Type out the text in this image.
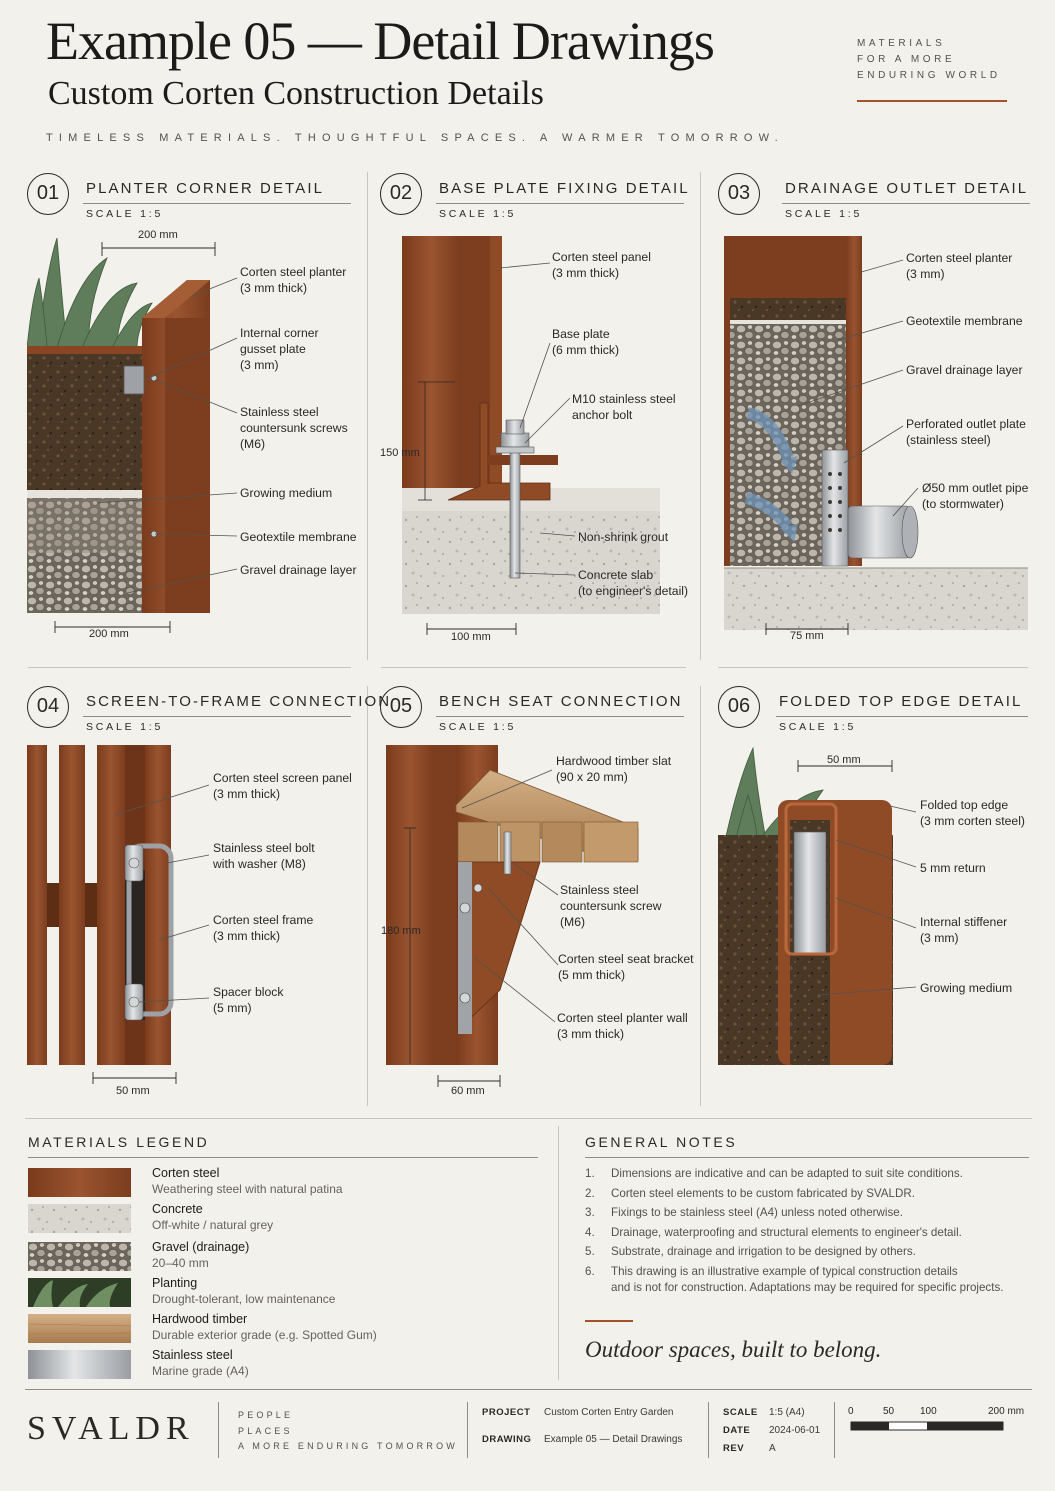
Example 05 — Detail Drawings
Custom Corten Construction Details
TIMELESS MATERIALS. THOUGHTFUL SPACES. A WARMER TOMORROW.
MATERIALS
FOR A MORE
ENDURING WORLD
01	PLANTER CORNER DETAIL
SCALE 1:5
200 mm
200 mm
Corten steel planter
(3 mm thick)
Internal corner
gusset plate
(3 mm)
Stainless steel
countersunk screws
(M6)
Growing medium
Geotextile membrane
Gravel drainage layer
02	BASE PLATE FIXING DETAIL
SCALE 1:5
150 mm
100 mm
Corten steel panel
(3 mm thick)
Base plate
(6 mm thick)
M10 stainless steel
anchor bolt
Non-shrink grout
Concrete slab
(to engineer's detail)
03	DRAINAGE OUTLET DETAIL
SCALE 1:5
75 mm
Corten steel planter
(3 mm)
Geotextile membrane
Gravel drainage layer
Perforated outlet plate
(stainless steel)
Ø50 mm outlet pipe
(to stormwater)
04	SCREEN-TO-FRAME CONNECTION
SCALE 1:5
50 mm
Corten steel screen panel
(3 mm thick)
Stainless steel bolt
with washer (M8)
Corten steel frame
(3 mm thick)
Spacer block
(5 mm)
05	BENCH SEAT CONNECTION
SCALE 1:5
180 mm
60 mm
Hardwood timber slat
(90 x 20 mm)
Stainless steel
countersunk screw
(M6)
Corten steel seat bracket
(5 mm thick)
Corten steel planter wall
(3 mm thick)
06	FOLDED TOP EDGE DETAIL
SCALE 1:5
50 mm
Folded top edge
(3 mm corten steel)
5 mm return
Internal stiffener
(3 mm)
Growing medium
MATERIALS LEGEND
Corten steel
Weathering steel with natural patina
Concrete
Off-white / natural grey
Gravel (drainage)
20–40 mm
Planting
Drought-tolerant, low maintenance
Hardwood timber
Durable exterior grade (e.g. Spotted Gum)
Stainless steel
Marine grade (A4)
GENERAL NOTES
1. Dimensions are indicative and can be adapted to suit site conditions.
2. Corten steel elements to be custom fabricated by SVALDR.
3. Fixings to be stainless steel (A4) unless noted otherwise.
4. Drainage, waterproofing and structural elements to engineer's detail.
5. Substrate, drainage and irrigation to be designed by others.
6. This drawing is an illustrative example of typical construction details
and is not for construction. Adaptations may be required for specific projects.
Outdoor spaces, built to belong.
SVALDR	PEOPLE
PLACES
A MORE ENDURING TOMORROW
PROJECT Custom Corten Entry Garden
DRAWING Example 05 — Detail Drawings
SCALE 1:5 (A4)
DATE 2024-06-01
REV A
0	50	100	200 mm
